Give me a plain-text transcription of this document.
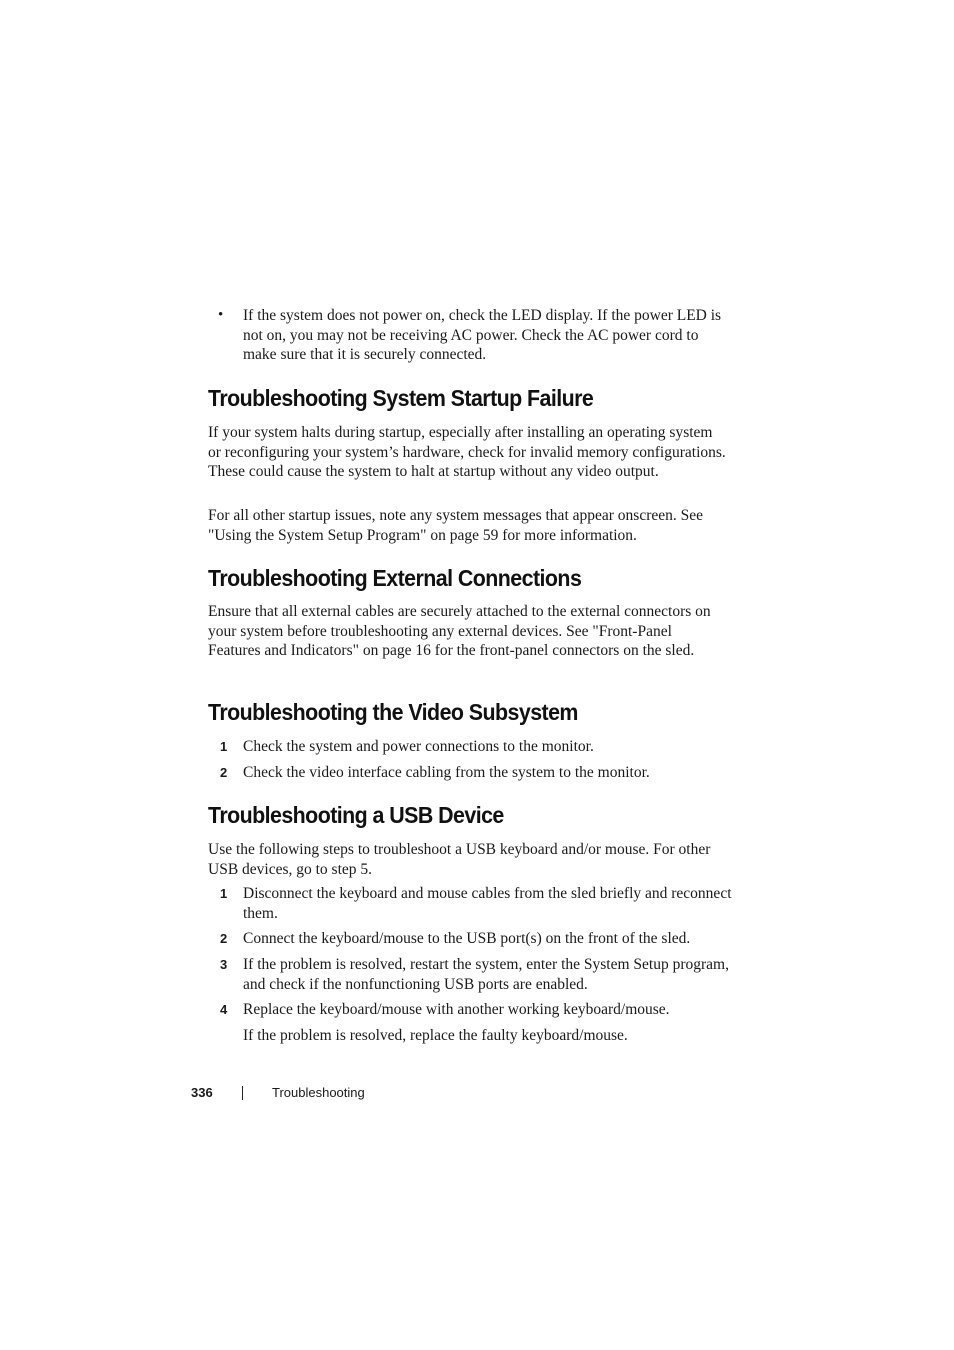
• If the system does not power on, check the LED display. If the power LED is not on, you may not be receiving AC power. Check the AC power cord to make sure that it is securely connected.
Troubleshooting System Startup Failure

If your system halts during startup, especially after installing an operating system or reconfiguring your system’s hardware, check for invalid memory configurations. These could cause the system to halt at startup without any video output.

For all other startup issues, note any system messages that appear onscreen. See "Using the System Setup Program" on page 59 for more information.

Troubleshooting External Connections

Ensure that all external cables are securely attached to the external connectors on your system before troubleshooting any external devices. See "Front-Panel Features and Indicators" on page 16 for the front-panel connectors on the sled.

Troubleshooting the Video Subsystem
1 Check the system and power connections to the monitor.
2 Check the video interface cabling from the system to the monitor.
Troubleshooting a USB Device

Use the following steps to troubleshoot a USB keyboard and/or mouse. For other USB devices, go to step 5.

1 Disconnect the keyboard and mouse cables from the sled briefly and reconnect them.
2 Connect the keyboard/mouse to the USB port(s) on the front of the sled.
3 If the problem is resolved, restart the system, enter the System Setup program, and check if the nonfunctioning USB ports are enabled.
4 Replace the keyboard/mouse with another working keyboard/mouse.
If the problem is resolved, replace the faulty keyboard/mouse.
336	Troubleshooting
